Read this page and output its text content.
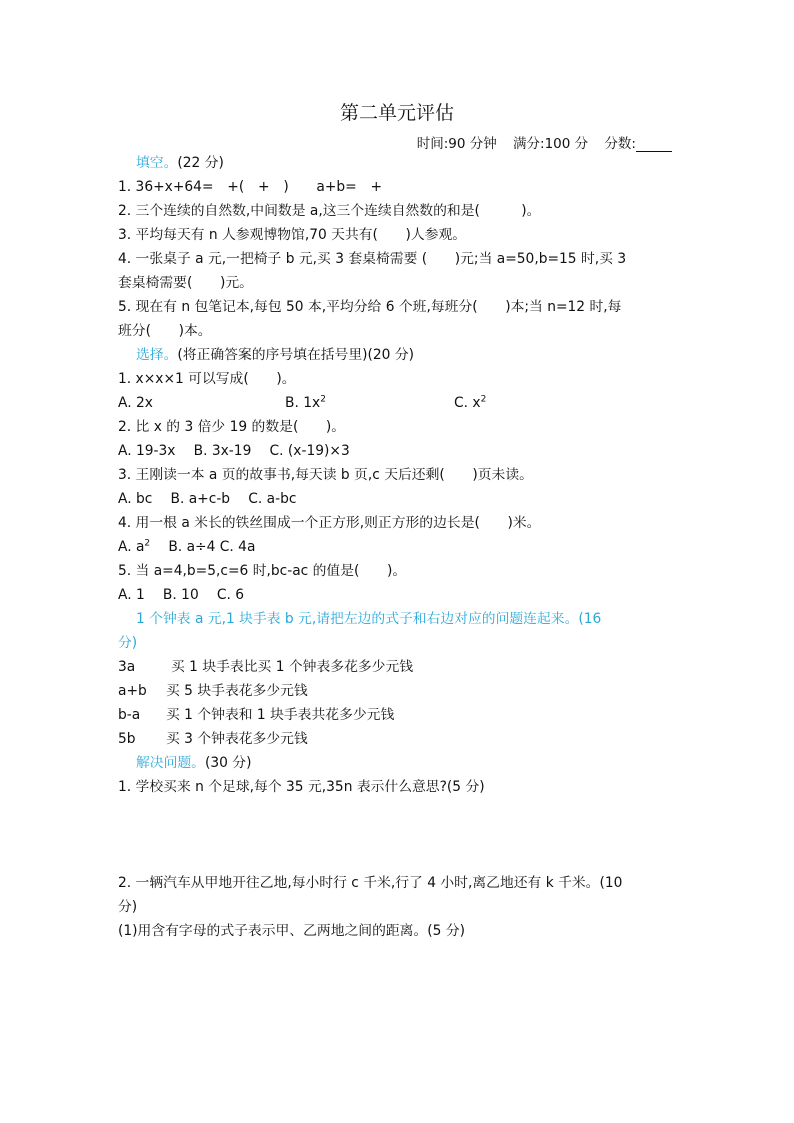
第二单元评估
时间:90 分钟 满分:100 分 分数:
填空。(22 分)
1. 36+x+64=　+(　+　)　　a+b=　+
2. 三个连续的自然数,中间数是 a,这三个连续自然数的和是(　　　)。
3. 平均每天有 n 人参观博物馆,70 天共有(　　)人参观。
4. 一张桌子 a 元,一把椅子 b 元,买 3 套桌椅需要 (　　)元;当 a=50,b=15 时,买 3
套桌椅需要(　　)元。
5. 现在有 n 包笔记本,每包 50 本,平均分给 6 个班,每班分(　　)本;当 n=12 时,每
班分(　　)本。
选择。(将正确答案的序号填在括号里)(20 分)
1. x×x×1 可以写成(　　)。
A. 2x	B. $1x^2$	C. $x^2$
2. 比 x 的 3 倍少 19 的数是(　　)。
A. 19-3x　 B. 3x-19　 C. (x-19)×3
3. 王刚读一本 a 页的故事书,每天读 b 页,c 天后还剩(　　)页未读。
A. bc　 B. a+c-b　 C. a-bc
4. 用一根 a 米长的铁丝围成一个正方形,则正方形的边长是(　　)米。
A. $a^2$　 B. a÷4 C. 4a
5. 当 a=4,b=5,c=6 时,bc-ac 的值是(　　)。
A. 1　 B. 10　 C. 6
1 个钟表 a 元,1 块手表 b 元,请把左边的式子和右边对应的问题连起来。(16
分)
3a	买 1 块手表比买 1 个钟表多花多少元钱
a+b 买 5 块手表花多少元钱
b-a 买 1 个钟表和 1 块手表共花多少元钱
5b 买 3 个钟表花多少元钱
解决问题。(30 分)
1. 学校买来 n 个足球,每个 35 元,35n 表示什么意思?(5 分)
2. 一辆汽车从甲地开往乙地,每小时行 c 千米,行了 4 小时,离乙地还有 k 千米。(10
分)
(1)用含有字母的式子表示甲、乙两地之间的距离。(5 分)
